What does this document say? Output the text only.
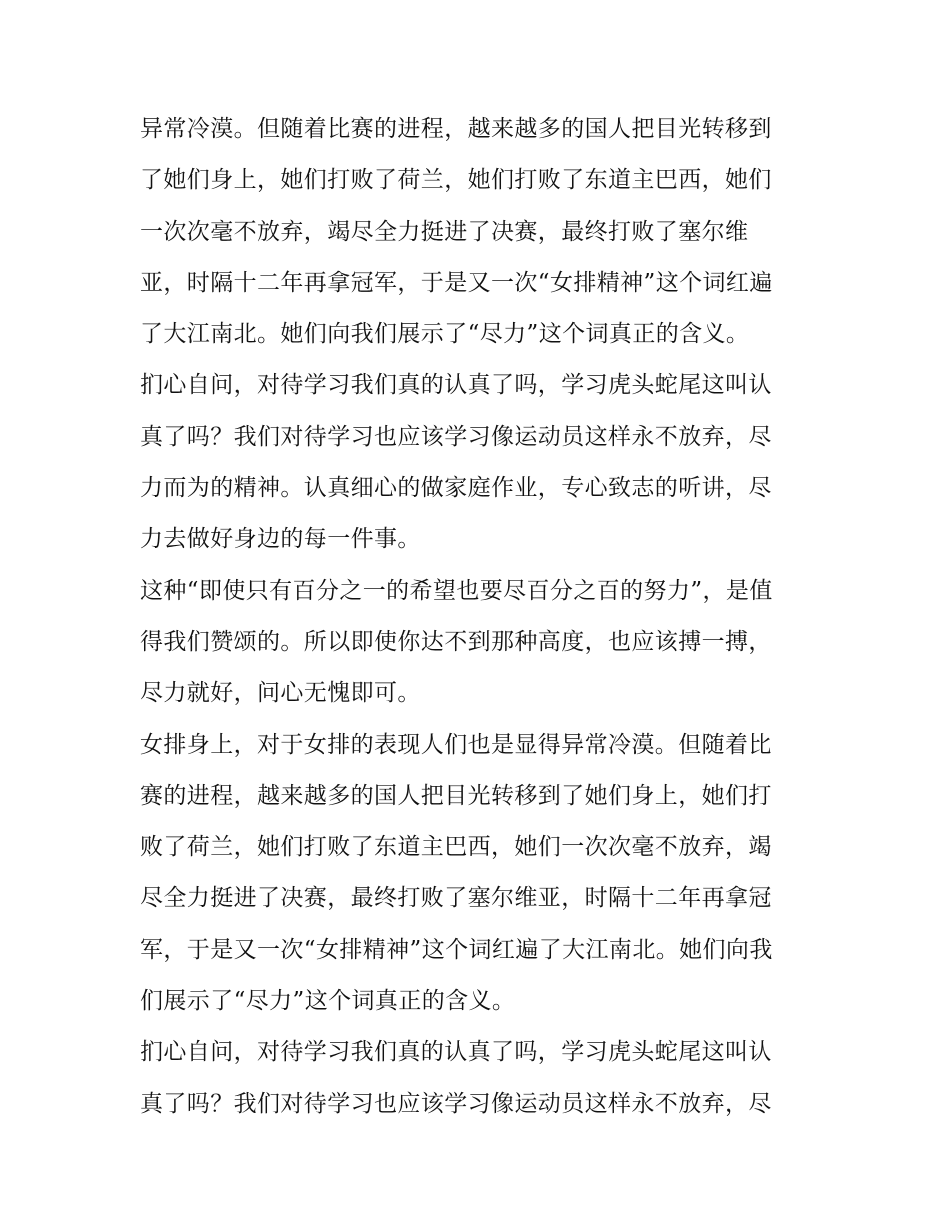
异常冷漠。但随着比赛的进程，越来越多的国人把目光转移到
了她们身上，她们打败了荷兰，她们打败了东道主巴西，她们
一次次毫不放弃，竭尽全力挺进了决赛，最终打败了塞尔维
亚，时隔十二年再拿冠军，于是又一次“女排精神”这个词红遍
了大江南北。她们向我们展示了“尽力”这个词真正的含义。
扪心自问，对待学习我们真的认真了吗，学习虎头蛇尾这叫认
真了吗？我们对待学习也应该学习像运动员这样永不放弃，尽
力而为的精神。认真细心的做家庭作业，专心致志的听讲，尽
力去做好身边的每一件事。
这种“即使只有百分之一的希望也要尽百分之百的努力”，是值
得我们赞颂的。所以即使你达不到那种高度，也应该搏一搏，
尽力就好，问心无愧即可。
女排身上，对于女排的表现人们也是显得异常冷漠。但随着比
赛的进程，越来越多的国人把目光转移到了她们身上，她们打
败了荷兰，她们打败了东道主巴西，她们一次次毫不放弃，竭
尽全力挺进了决赛，最终打败了塞尔维亚，时隔十二年再拿冠
军，于是又一次“女排精神”这个词红遍了大江南北。她们向我
们展示了“尽力”这个词真正的含义。
扪心自问，对待学习我们真的认真了吗，学习虎头蛇尾这叫认
真了吗？我们对待学习也应该学习像运动员这样永不放弃，尽
